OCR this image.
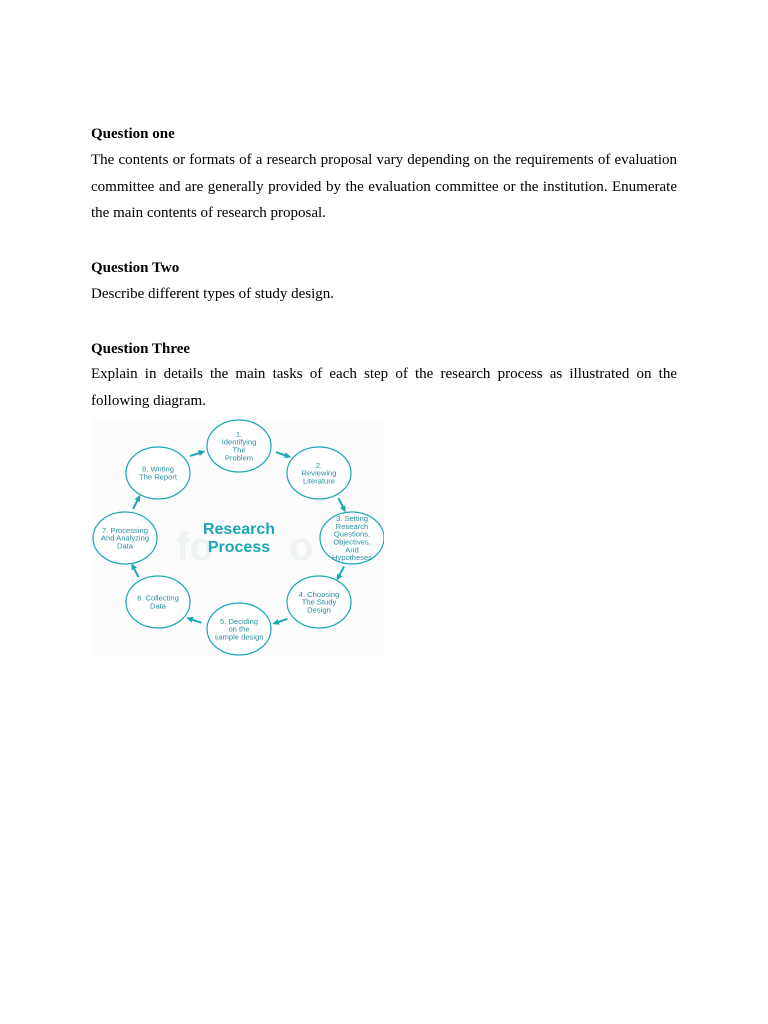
Question one
The contents or formats of a research proposal vary depending on the requirements of evaluation committee and are generally provided by the evaluation committee or the institution. Enumerate the main contents of research proposal.
Question Two
Describe different types of study design.
Question Three
Explain in details the main tasks of each step of the research process as illustrated on the following diagram.
fo o
Research
Process
1.
Identifying
The
Problem
2.
Reviewing
Literature
3. Setting
Research
Questions,
Objectives,
And
Hypotheses
4. Choosing
The Study
Design
5. Deciding
on the
sample design
6. Collecting
Data
7. Processing
And Analyzing
Data
8. Writing
The Report
